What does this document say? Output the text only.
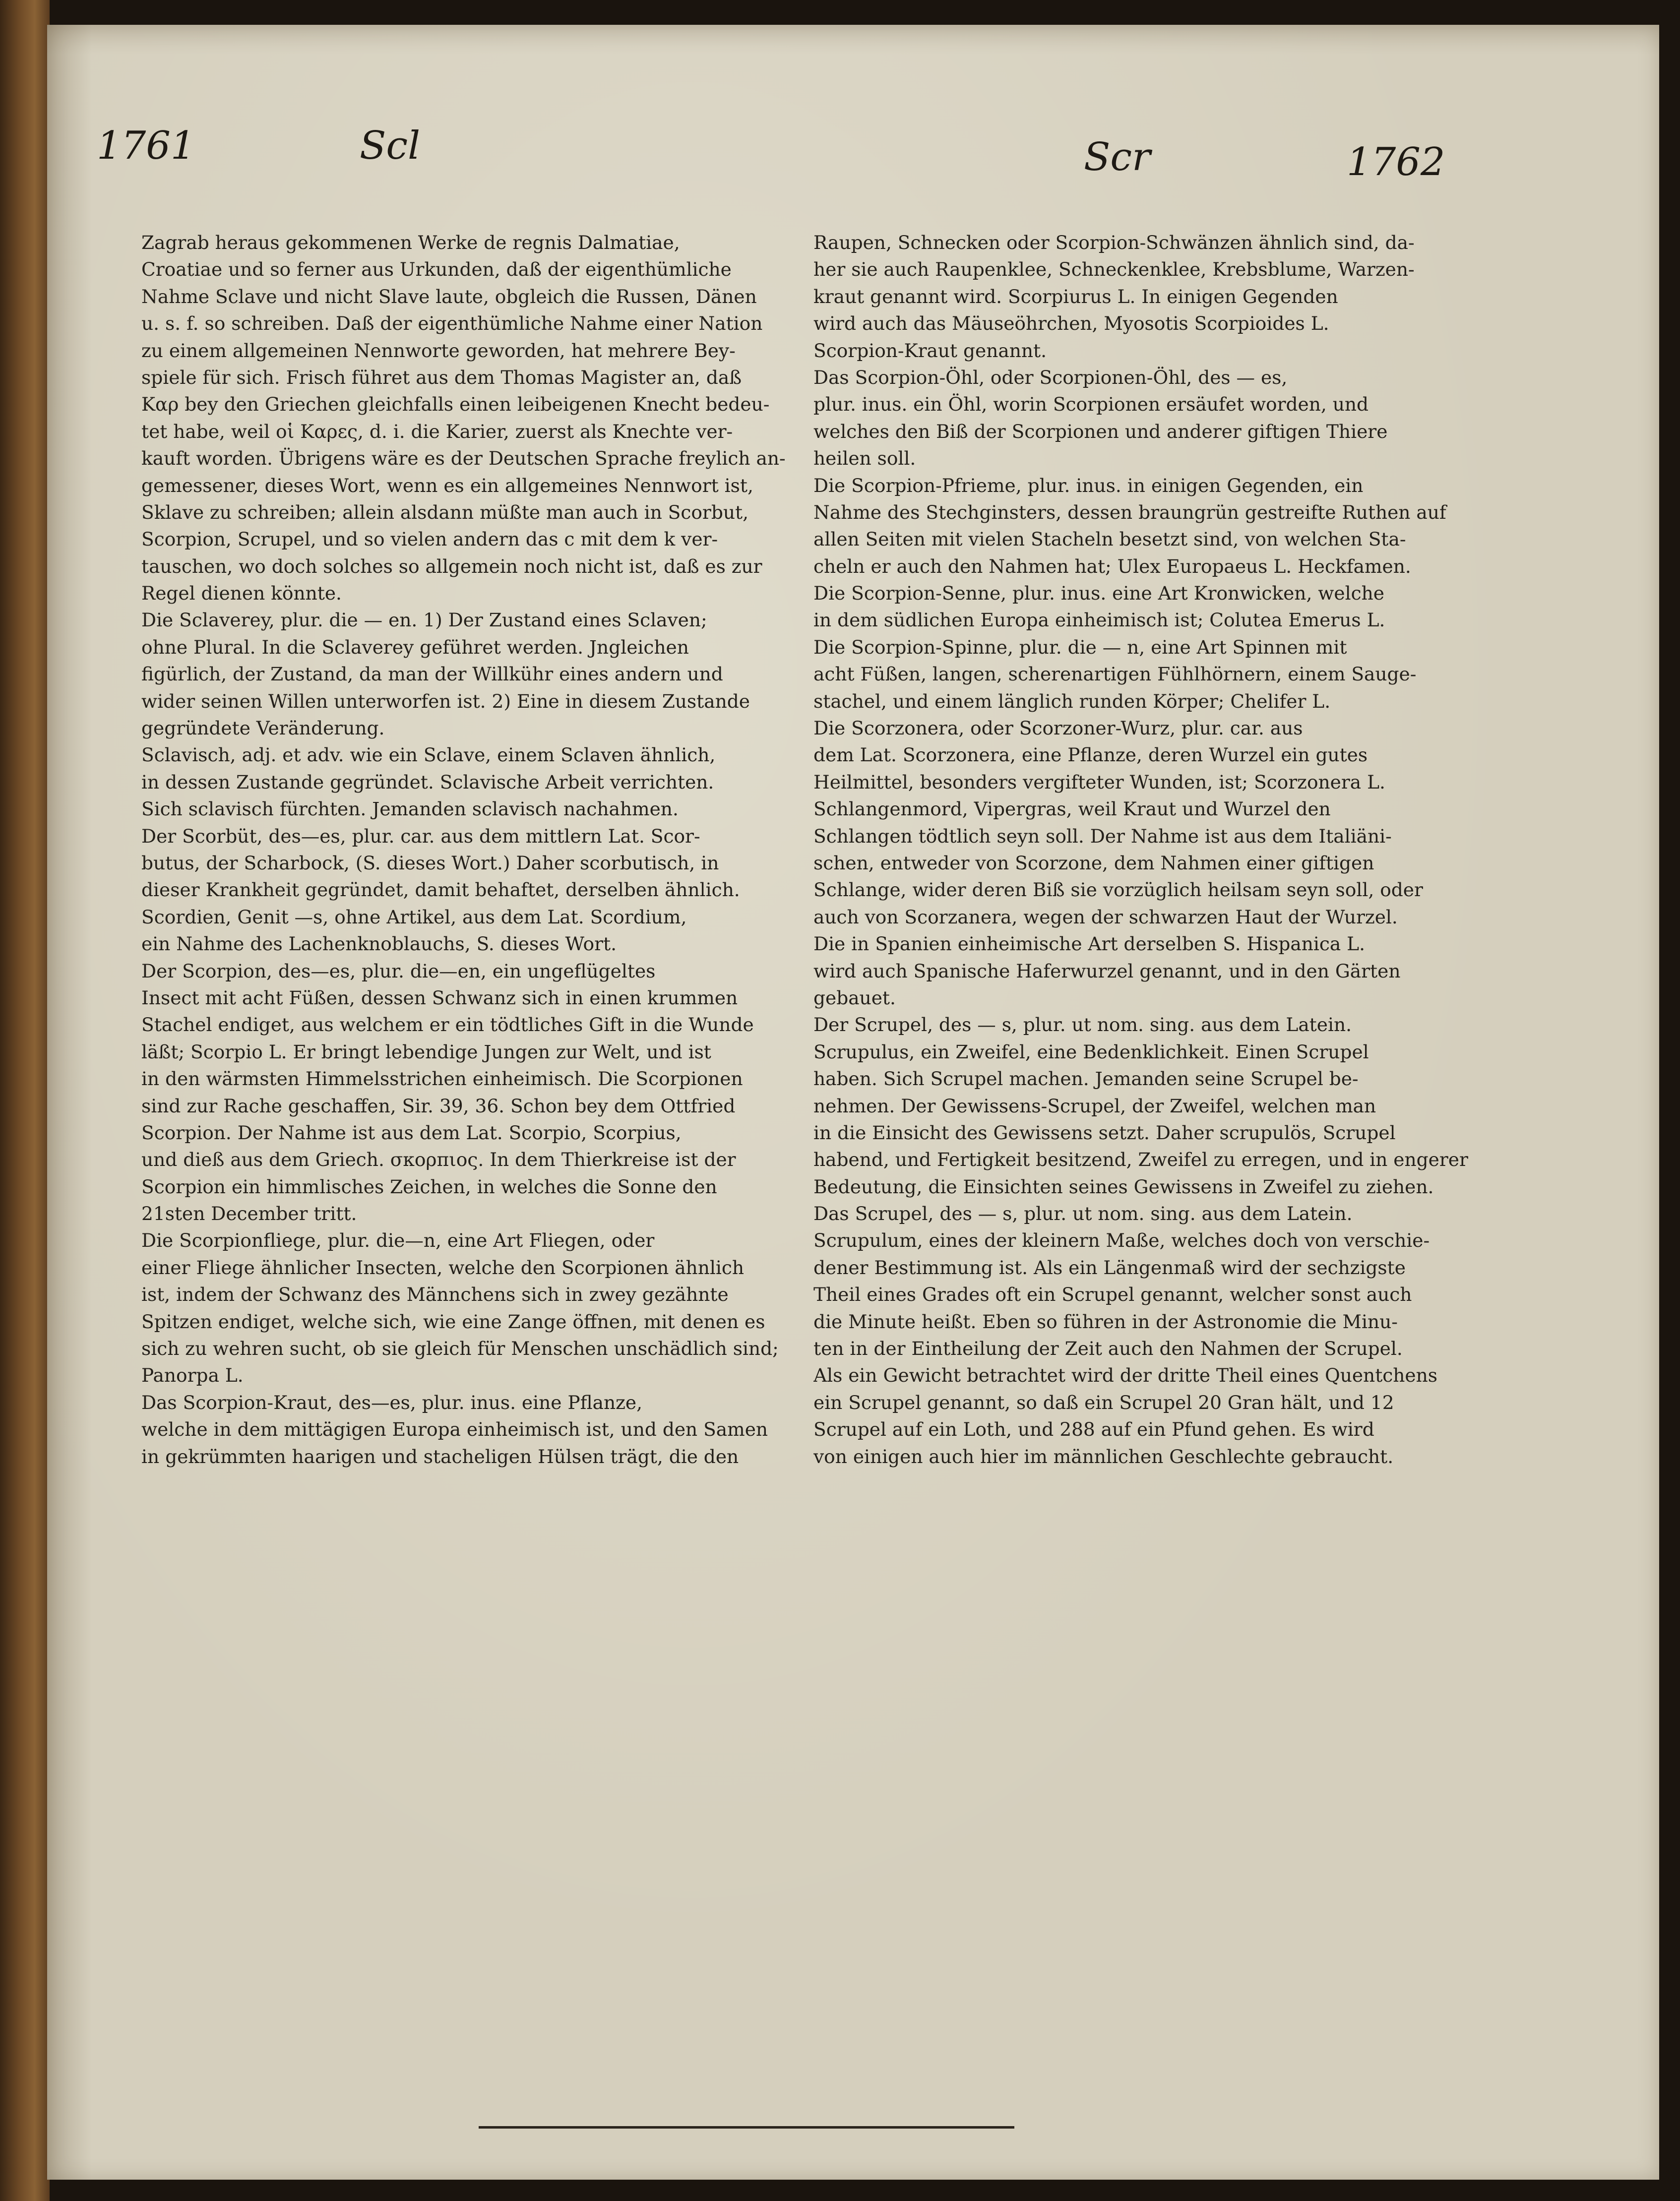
1761	Scl	Scr	1762
Zagrab heraus gekommenen Werke de regnis Dalmatiae,
Croatiae und so ferner aus Urkunden, daß der eigenthümliche
Nahme Sclave und nicht Slave laute, obgleich die Russen, Dänen
u. s. f. so schreiben. Daß der eigenthümliche Nahme einer Nation
zu einem allgemeinen Nennworte geworden, hat mehrere Bey-
spiele für sich. Frisch führet aus dem Thomas Magister an, daß
Καρ bey den Griechen gleichfalls einen leibeigenen Knecht bedeu-
tet habe, weil οἱ Καρες, d. i. die Karier, zuerst als Knechte ver-
kauft worden. Übrigens wäre es der Deutschen Sprache freylich an-
gemessener, dieses Wort, wenn es ein allgemeines Nennwort ist,
Sklave zu schreiben; allein alsdann müßte man auch in Scorbut,
Scorpion, Scrupel, und so vielen andern das c mit dem k ver-
tauschen, wo doch solches so allgemein noch nicht ist, daß es zur
Regel dienen könnte.
Die Sclaverey, plur. die — en. 1) Der Zustand eines Sclaven;
ohne Plural. In die Sclaverey geführet werden. Jngleichen
figürlich, der Zustand, da man der Willkühr eines andern und
wider seinen Willen unterworfen ist. 2) Eine in diesem Zustande
gegründete Veränderung.
Sclavisch, adj. et adv. wie ein Sclave, einem Sclaven ähnlich,
in dessen Zustande gegründet. Sclavische Arbeit verrichten.
Sich sclavisch fürchten. Jemanden sclavisch nachahmen.
Der Scorbüt, des—es, plur. car. aus dem mittlern Lat. Scor-
butus, der Scharbock, (S. dieses Wort.) Daher scorbutisch, in
dieser Krankheit gegründet, damit behaftet, derselben ähnlich.
Scordien, Genit —s, ohne Artikel, aus dem Lat. Scordium,
ein Nahme des Lachenknoblauchs, S. dieses Wort.
Der Scorpion, des—es, plur. die—en, ein ungeflügeltes
Insect mit acht Füßen, dessen Schwanz sich in einen krummen
Stachel endiget, aus welchem er ein tödtliches Gift in die Wunde
läßt; Scorpio L. Er bringt lebendige Jungen zur Welt, und ist
in den wärmsten Himmelsstrichen einheimisch. Die Scorpionen
sind zur Rache geschaffen, Sir. 39, 36. Schon bey dem Ottfried
Scorpion. Der Nahme ist aus dem Lat. Scorpio, Scorpius,
und dieß aus dem Griech. σκορπιος. In dem Thierkreise ist der
Scorpion ein himmlisches Zeichen, in welches die Sonne den
21sten December tritt.
Die Scorpionfliege, plur. die—n, eine Art Fliegen, oder
einer Fliege ähnlicher Insecten, welche den Scorpionen ähnlich
ist, indem der Schwanz des Männchens sich in zwey gezähnte
Spitzen endiget, welche sich, wie eine Zange öffnen, mit denen es
sich zu wehren sucht, ob sie gleich für Menschen unschädlich sind;
Panorpa L.
Das Scorpion-Kraut, des—es, plur. inus. eine Pflanze,
welche in dem mittägigen Europa einheimisch ist, und den Samen
in gekrümmten haarigen und stacheligen Hülsen trägt, die den
Raupen, Schnecken oder Scorpion-Schwänzen ähnlich sind, da-
her sie auch Raupenklee, Schneckenklee, Krebsblume, Warzen-
kraut genannt wird. Scorpiurus L. In einigen Gegenden
wird auch das Mäuseöhrchen, Myosotis Scorpioides L.
Scorpion-Kraut genannt.
Das Scorpion-Öhl, oder Scorpionen-Öhl, des — es,
plur. inus. ein Öhl, worin Scorpionen ersäufet worden, und
welches den Biß der Scorpionen und anderer giftigen Thiere
heilen soll.
Die Scorpion-Pfrieme, plur. inus. in einigen Gegenden, ein
Nahme des Stechginsters, dessen braungrün gestreifte Ruthen auf
allen Seiten mit vielen Stacheln besetzt sind, von welchen Sta-
cheln er auch den Nahmen hat; Ulex Europaeus L. Heckfamen.
Die Scorpion-Senne, plur. inus. eine Art Kronwicken, welche
in dem südlichen Europa einheimisch ist; Colutea Emerus L.
Die Scorpion-Spinne, plur. die — n, eine Art Spinnen mit
acht Füßen, langen, scherenartigen Fühlhörnern, einem Sauge-
stachel, und einem länglich runden Körper; Chelifer L.
Die Scorzonera, oder Scorzoner-Wurz, plur. car. aus
dem Lat. Scorzonera, eine Pflanze, deren Wurzel ein gutes
Heilmittel, besonders vergifteter Wunden, ist; Scorzonera L.
Schlangenmord, Vipergras, weil Kraut und Wurzel den
Schlangen tödtlich seyn soll. Der Nahme ist aus dem Italiäni-
schen, entweder von Scorzone, dem Nahmen einer giftigen
Schlange, wider deren Biß sie vorzüglich heilsam seyn soll, oder
auch von Scorzanera, wegen der schwarzen Haut der Wurzel.
Die in Spanien einheimische Art derselben S. Hispanica L.
wird auch Spanische Haferwurzel genannt, und in den Gärten
gebauet.
Der Scrupel, des — s, plur. ut nom. sing. aus dem Latein.
Scrupulus, ein Zweifel, eine Bedenklichkeit. Einen Scrupel
haben. Sich Scrupel machen. Jemanden seine Scrupel be-
nehmen. Der Gewissens-Scrupel, der Zweifel, welchen man
in die Einsicht des Gewissens setzt. Daher scrupulös, Scrupel
habend, und Fertigkeit besitzend, Zweifel zu erregen, und in engerer
Bedeutung, die Einsichten seines Gewissens in Zweifel zu ziehen.
Das Scrupel, des — s, plur. ut nom. sing. aus dem Latein.
Scrupulum, eines der kleinern Maße, welches doch von verschie-
dener Bestimmung ist. Als ein Längenmaß wird der sechzigste
Theil eines Grades oft ein Scrupel genannt, welcher sonst auch
die Minute heißt. Eben so führen in der Astronomie die Minu-
ten in der Eintheilung der Zeit auch den Nahmen der Scrupel.
Als ein Gewicht betrachtet wird der dritte Theil eines Quentchens
ein Scrupel genannt, so daß ein Scrupel 20 Gran hält, und 12
Scrupel auf ein Loth, und 288 auf ein Pfund gehen. Es wird
von einigen auch hier im männlichen Geschlechte gebraucht.
